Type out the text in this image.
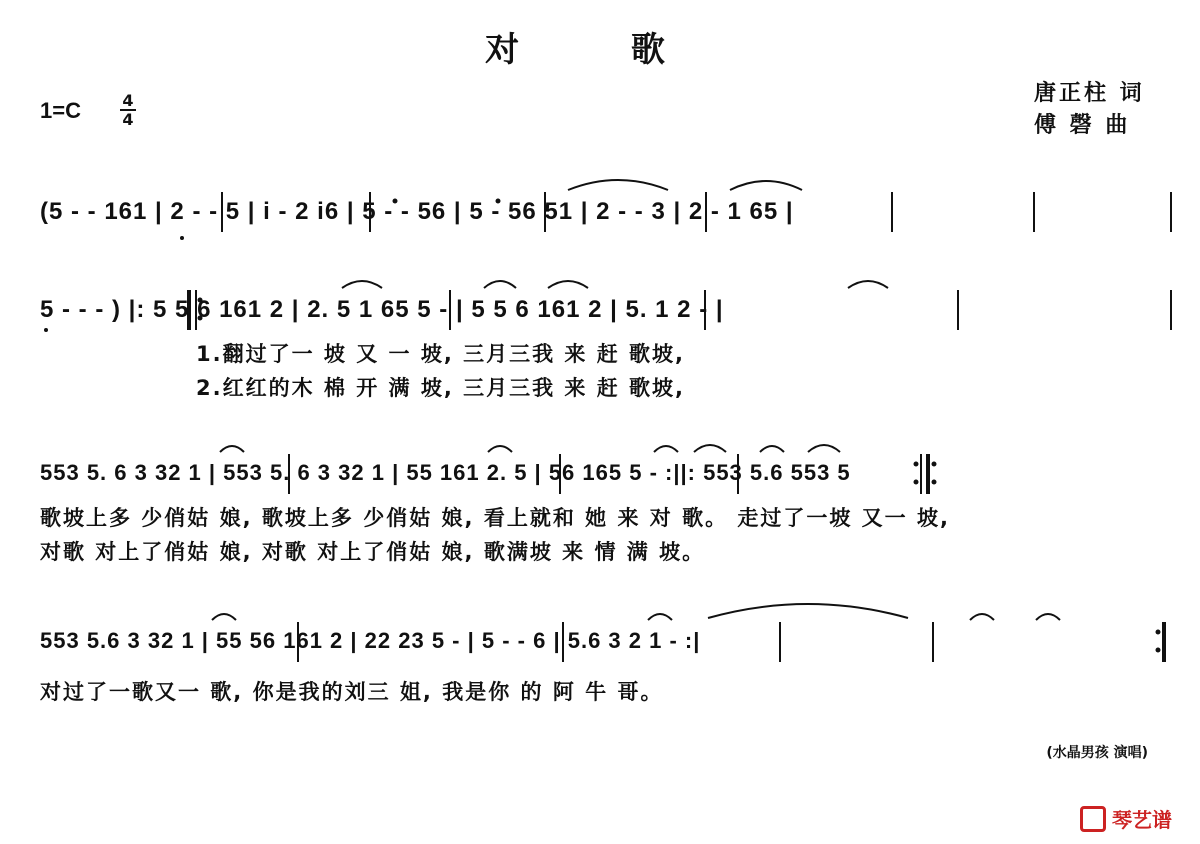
对 歌
1=C	4
4
唐正柱 词
傅 磬 曲
(5 - - 161 | 2 - - 5 | i - 2 i6 | 5 - - 56 | 5 - 56 51 | 2 - - 3 | 2 - 1 65 |
5 - - - ) |: 5 5 6 161 2 | 2. 5 1 65 5 - | 5 5 6 161 2 | 5. 1 2 - |
1.翻过了一 坡 又 一 坡, 三月三我 来 赶 歌坡,
2.红红的木 棉 开 满 坡, 三月三我 来 赶 歌坡,
553 5. 6 3 32 1 | 553 5. 6 3 32 1 | 55 161 2. 5 | 56 165 5 - :||: 553 5.6 553 5
歌坡上多 少俏姑 娘, 歌坡上多 少俏姑 娘, 看上就和 她 来 对 歌。 走过了一坡 又一 坡,
对歌 对上了俏姑 娘, 对歌 对上了俏姑 娘, 歌满坡 来 情 满 坡。
553 5.6 3 32 1 | 55 56 161 2 | 22 23 5 - | 5 - - 6 | 5.6 3 2 1 - :|
对过了一歌又一 歌, 你是我的刘三 姐, 我是你 的 阿 牛 哥。
(水晶男孩 演唱)
琴艺谱
